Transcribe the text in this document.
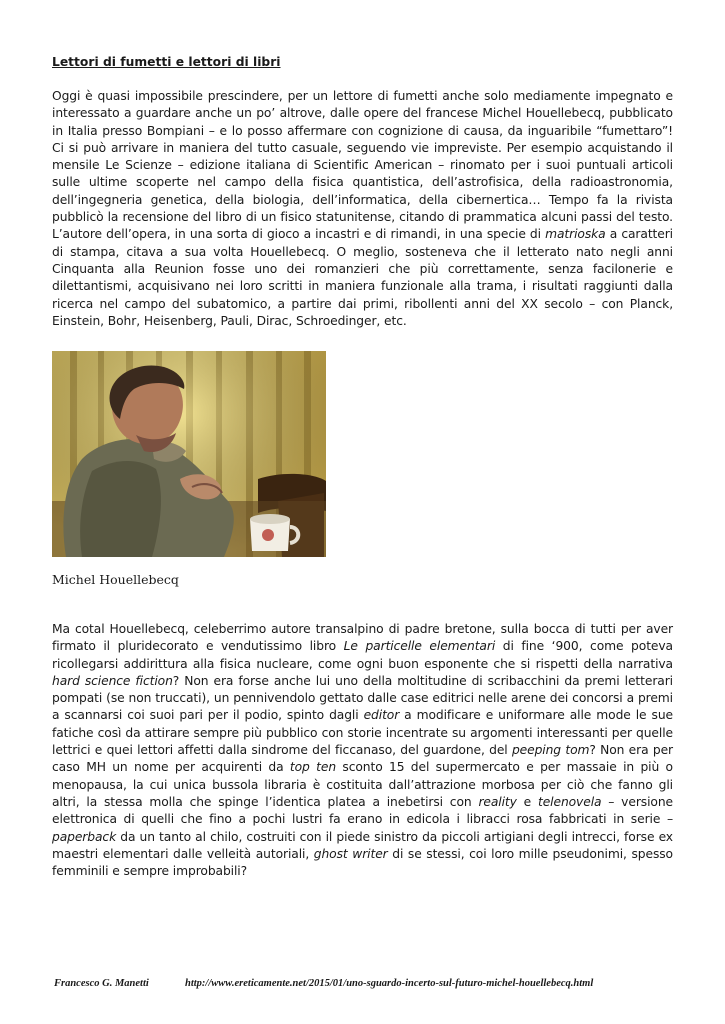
Lettori di fumetti e lettori di libri

Oggi è quasi impossibile prescindere, per un lettore di fumetti anche solo mediamente impegnato e interessato a guardare anche un po’ altrove, dalle opere del francese Michel Houellebecq, pubblicato in Italia presso Bompiani – e lo posso affermare con cognizione di causa, da inguaribile “fumettaro”! Ci si può arrivare in maniera del tutto casuale, seguendo vie impreviste. Per esempio acquistando il mensile Le Scienze – edizione italiana di Scientific American – rinomato per i suoi puntuali articoli sulle ultime scoperte nel campo della fisica quantistica, dell’astrofisica, della radioastronomia, dell’ingegneria genetica, della biologia, dell’informatica, della cibernertica… Tempo fa la rivista pubblicò la recensione del libro di un fisico statunitense, citando di prammatica alcuni passi del testo. L’autore dell’opera, in una sorta di gioco a incastri e di rimandi, in una specie di matrioska a caratteri di stampa, citava a sua volta Houellebecq. O meglio, sosteneva che il letterato nato negli anni Cinquanta alla Reunion fosse uno dei romanzieri che più correttamente, senza facilonerie e dilettantismi, acquisivano nei loro scritti in maniera funzionale alla trama, i risultati raggiunti dalla ricerca nel campo del subatomico, a partire dai primi, ribollenti anni del XX secolo – con Planck, Einstein, Bohr, Heisenberg, Pauli, Dirac, Schroedinger, etc.

Michel Houellebecq

Ma cotal Houellebecq, celeberrimo autore transalpino di padre bretone, sulla bocca di tutti per aver firmato il pluridecorato e vendutissimo libro Le particelle elementari di fine ‘900, come poteva ricollegarsi addirittura alla fisica nucleare, come ogni buon esponente che si rispetti della narrativa hard science fiction? Non era forse anche lui uno della moltitudine di scribacchini da premi letterari pompati (se non truccati), un pennivendolo gettato dalle case editrici nelle arene dei concorsi a premi a scannarsi coi suoi pari per il podio, spinto dagli editor a modificare e uniformare alle mode le sue fatiche così da attirare sempre più pubblico con storie incentrate su argomenti interessanti per quelle lettrici e quei lettori affetti dalla sindrome del ficcanaso, del guardone, del peeping tom? Non era per caso MH un nome per acquirenti da top ten sconto 15 del supermercato e per massaie in più o menopausa, la cui unica bussola libraria è costituita dall’attrazione morbosa per ciò che fanno gli altri, la stessa molla che spinge l’identica platea a inebetirsi con reality e telenovela – versione elettronica di quelli che fino a pochi lustri fa erano in edicola i libracci rosa fabbricati in serie – paperback da un tanto al chilo, costruiti con il piede sinistro da piccoli artigiani degli intrecci, forse ex maestri elementari dalle velleità autoriali, ghost writer di se stessi, coi loro mille pseudonimi, spesso femminili e sempre improbabili?

Francesco G. Manetti	http://www.ereticamente.net/2015/01/uno-sguardo-incerto-sul-futuro-michel-houellebecq.html
